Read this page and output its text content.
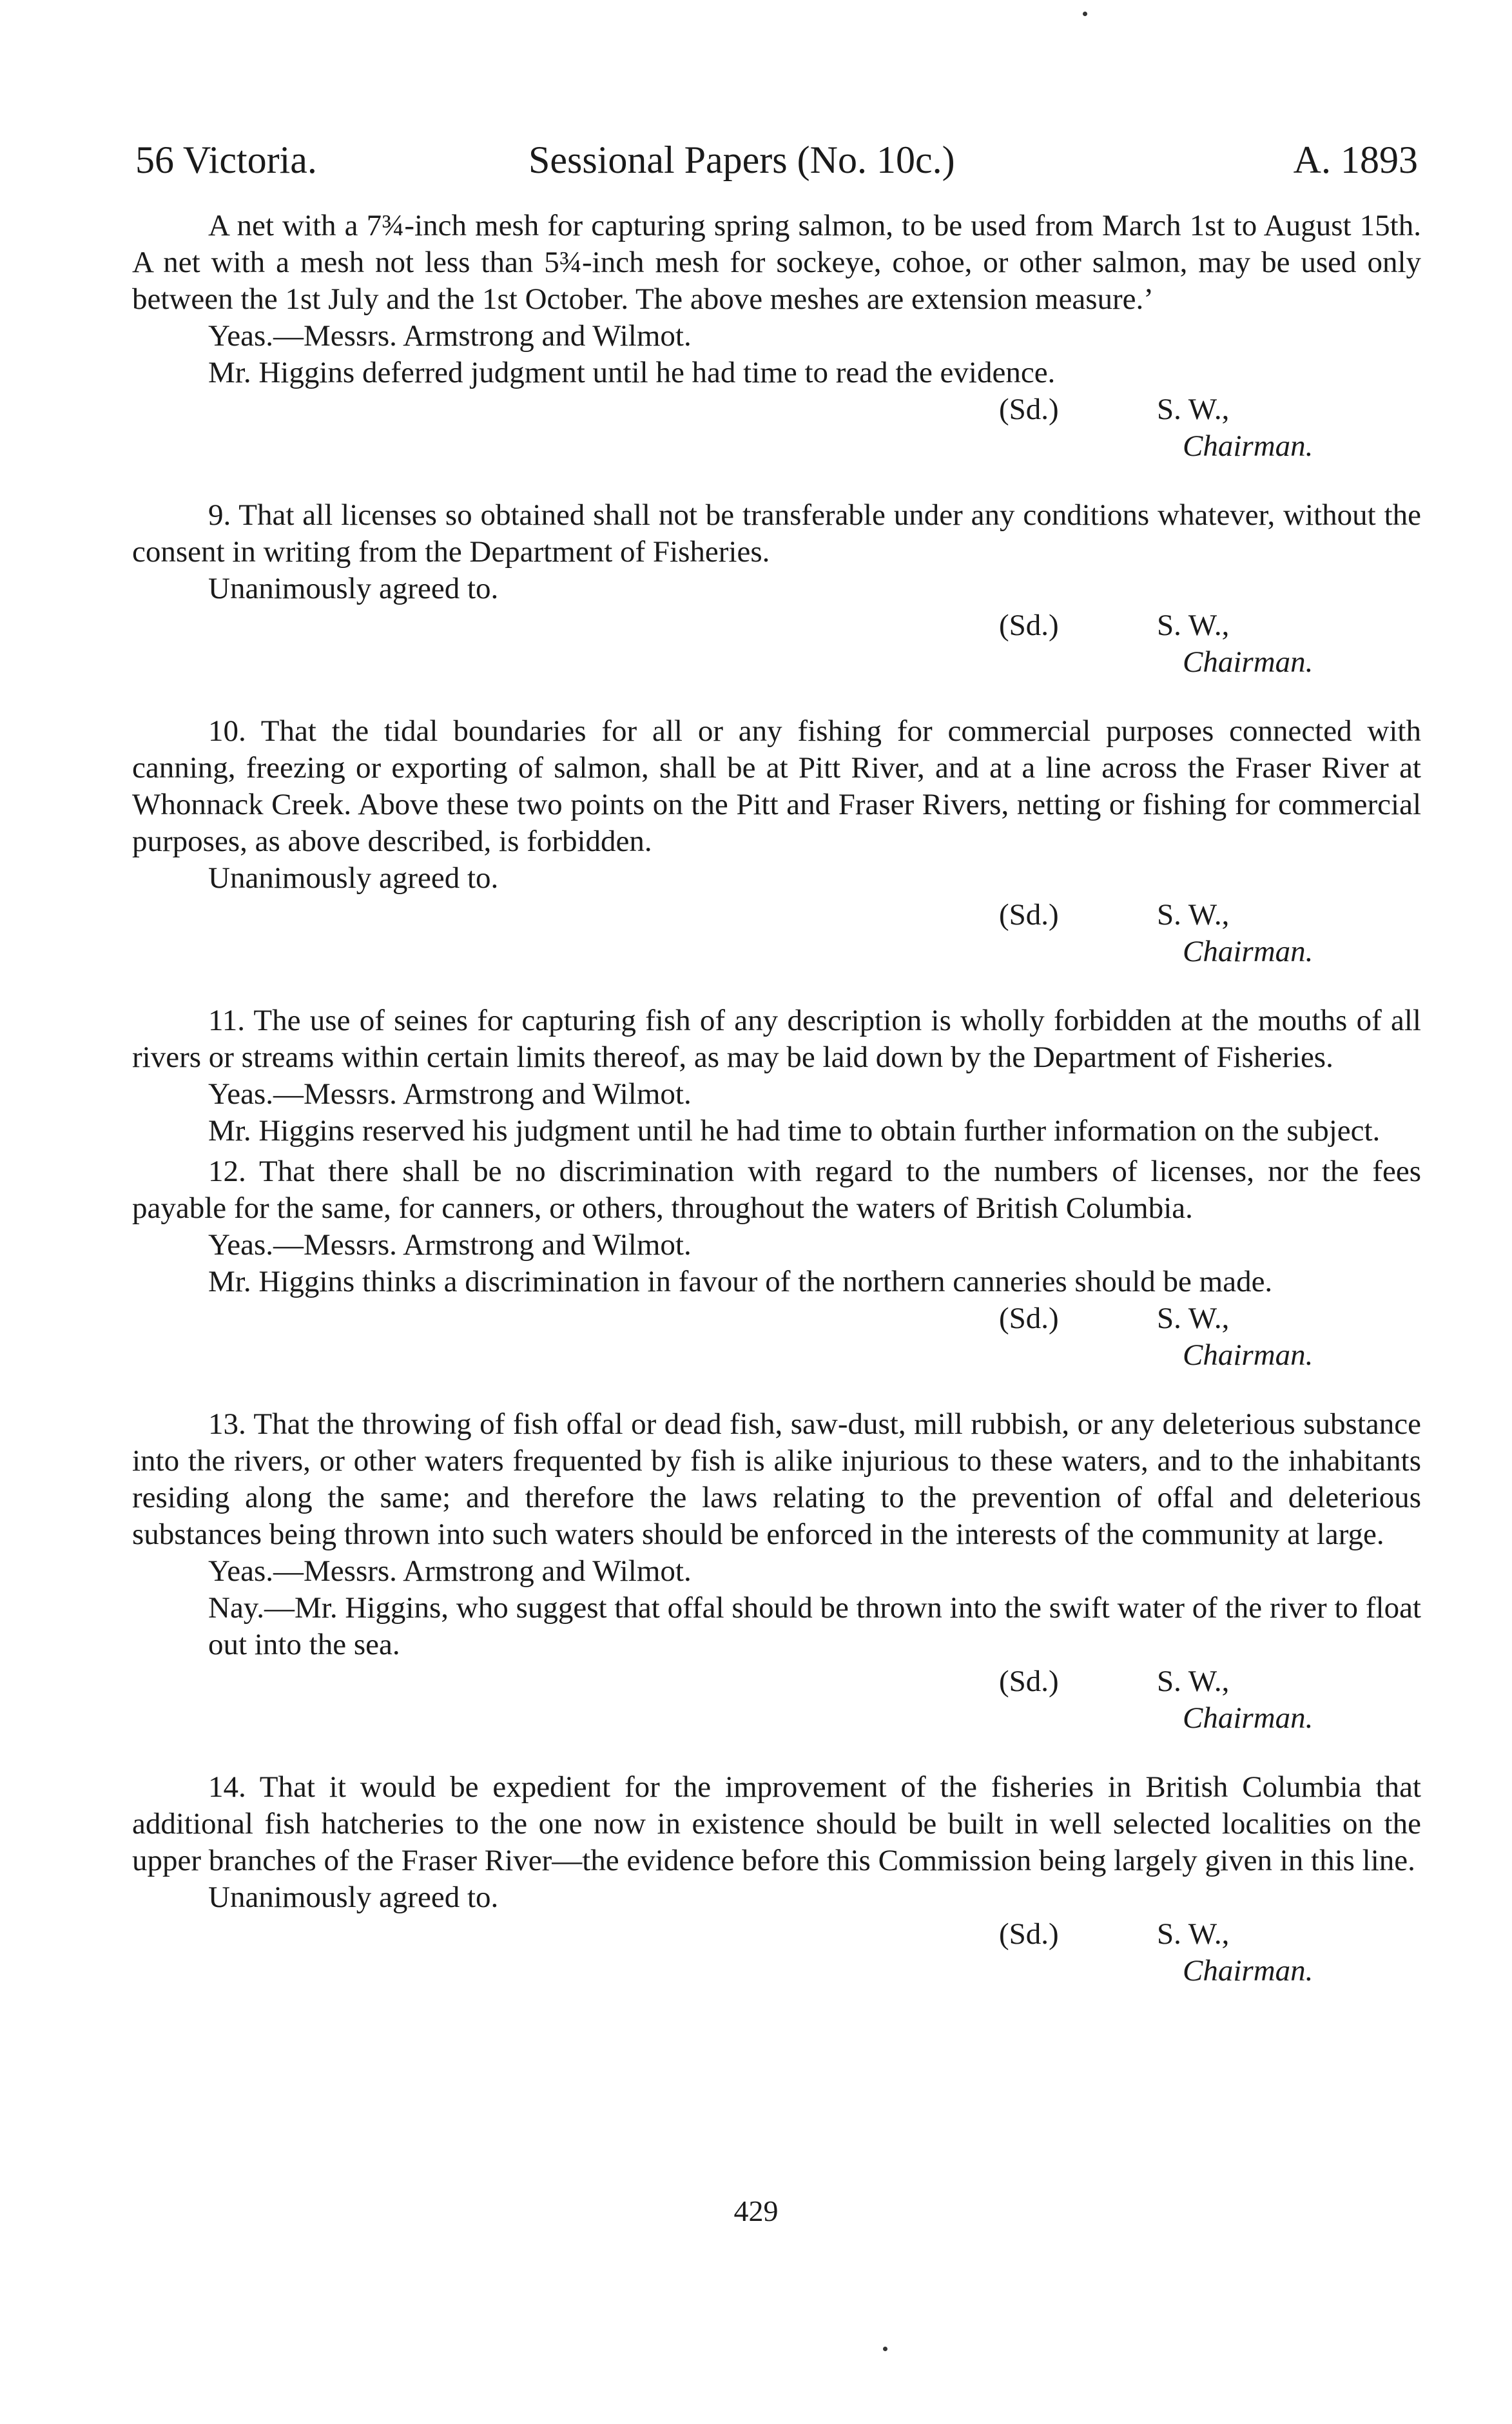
56 Victoria.	Sessional Papers (No. 10c.)	A. 1893

A net with a 7¾-inch mesh for capturing spring salmon, to be used from March 1st to August 15th. A net with a mesh not less than 5¾-inch mesh for sockeye, cohoe, or other salmon, may be used only between the 1st July and the 1st October. The above meshes are extension measure.’

Yeas.—Messrs. Armstrong and Wilmot.

Mr. Higgins deferred judgment until he had time to read the evidence.

(Sd.)	S. W.,
Chairman.

9. That all licenses so obtained shall not be transferable under any conditions whatever, without the consent in writing from the Department of Fisheries.

Unanimously agreed to.

(Sd.)	S. W.,
Chairman.

10. That the tidal boundaries for all or any fishing for commercial purposes connected with canning, freezing or exporting of salmon, shall be at Pitt River, and at a line across the Fraser River at Whonnack Creek. Above these two points on the Pitt and Fraser Rivers, netting or fishing for commercial purposes, as above described, is forbidden.

Unanimously agreed to.

(Sd.)	S. W.,
Chairman.

11. The use of seines for capturing fish of any description is wholly forbidden at the mouths of all rivers or streams within certain limits thereof, as may be laid down by the Department of Fisheries.

Yeas.—Messrs. Armstrong and Wilmot.

Mr. Higgins reserved his judgment until he had time to obtain further information on the subject.

12. That there shall be no discrimination with regard to the numbers of licenses, nor the fees payable for the same, for canners, or others, throughout the waters of British Columbia.

Yeas.—Messrs. Armstrong and Wilmot.

Mr. Higgins thinks a discrimination in favour of the northern canneries should be made.

(Sd.)	S. W.,
Chairman.

13. That the throwing of fish offal or dead fish, saw-dust, mill rubbish, or any deleterious substance into the rivers, or other waters frequented by fish is alike injurious to these waters, and to the inhabitants residing along the same; and therefore the laws relating to the prevention of offal and deleterious substances being thrown into such waters should be enforced in the interests of the community at large.

Yeas.—Messrs. Armstrong and Wilmot.

Nay.—Mr. Higgins, who suggest that offal should be thrown into the swift water of the river to float out into the sea.

(Sd.)	S. W.,
Chairman.

14. That it would be expedient for the improvement of the fisheries in British Columbia that additional fish hatcheries to the one now in existence should be built in well selected localities on the upper branches of the Fraser River—the evidence before this Commission being largely given in this line.

Unanimously agreed to.

(Sd.)	S. W.,
Chairman.
429
